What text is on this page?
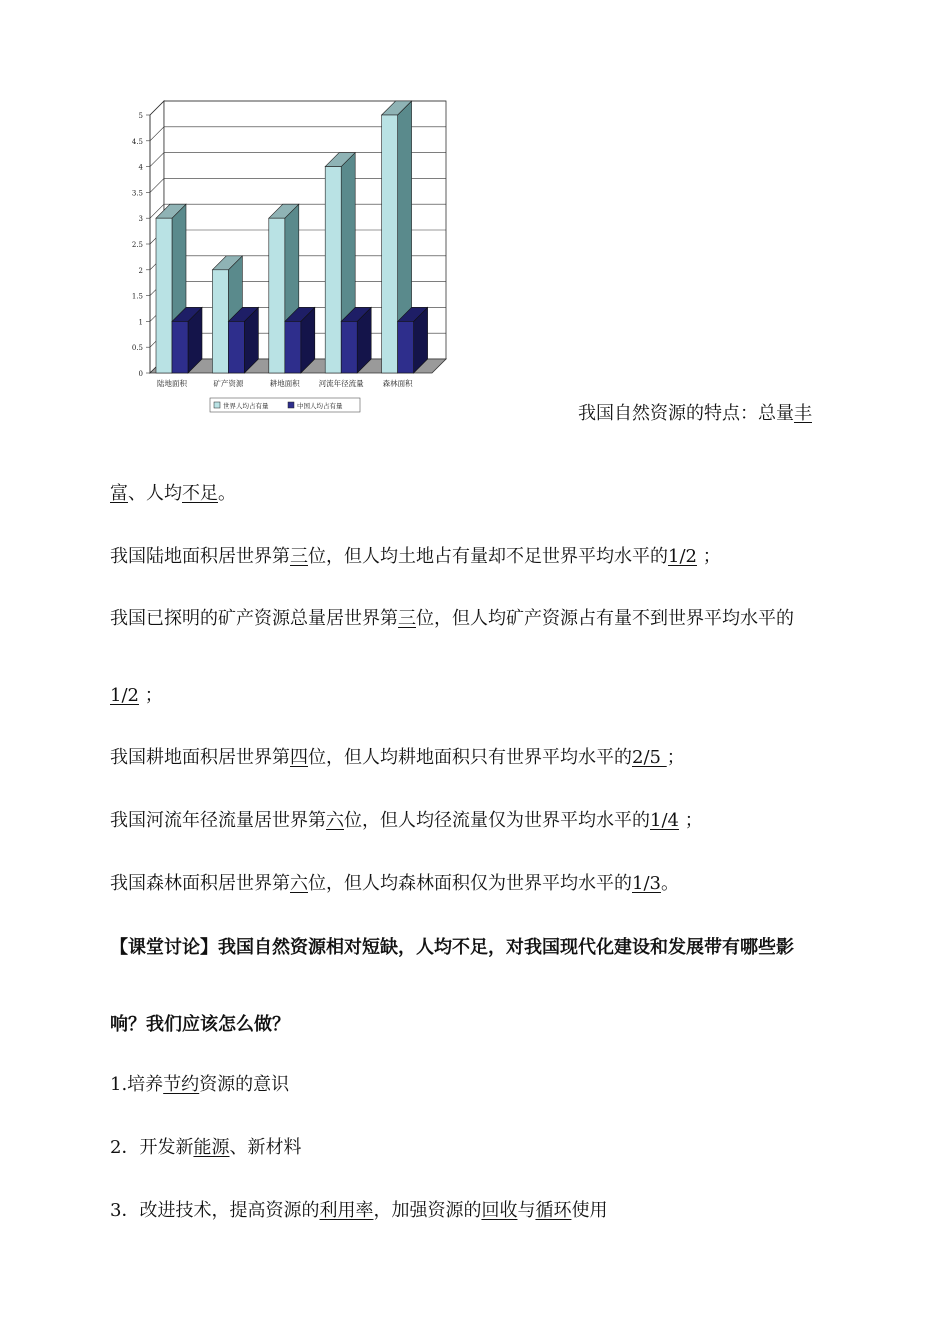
0
0.5
1
1.5
2
2.5
3
3.5
4
4.5
5
陆地面积	矿产资源	耕地面积	河流年径流量	森林面积
世界人均占有量	中国人均占有量	我国自然资源的特点：总量丰
富、人均不足。
我国陆地面积居世界第三位，但人均土地占有量却不足世界平均水平的1/2 ；
我国已探明的矿产资源总量居世界第三位，但人均矿产资源占有量不到世界平均水平的
1/2 ；
我国耕地面积居世界第四位，但人均耕地面积只有世界平均水平的2/5 ；
我国河流年径流量居世界第六位，但人均径流量仅为世界平均水平的1/4 ；
我国森林面积居世界第六位，但人均森林面积仅为世界平均水平的1/3。
【课堂讨论】我国自然资源相对短缺，人均不足，对我国现代化建设和发展带有哪些影
响？我们应该怎么做？
1.培养节约资源的意识
2．开发新能源、新材料
3．改进技术，提高资源的利用率，加强资源的回收与循环使用
